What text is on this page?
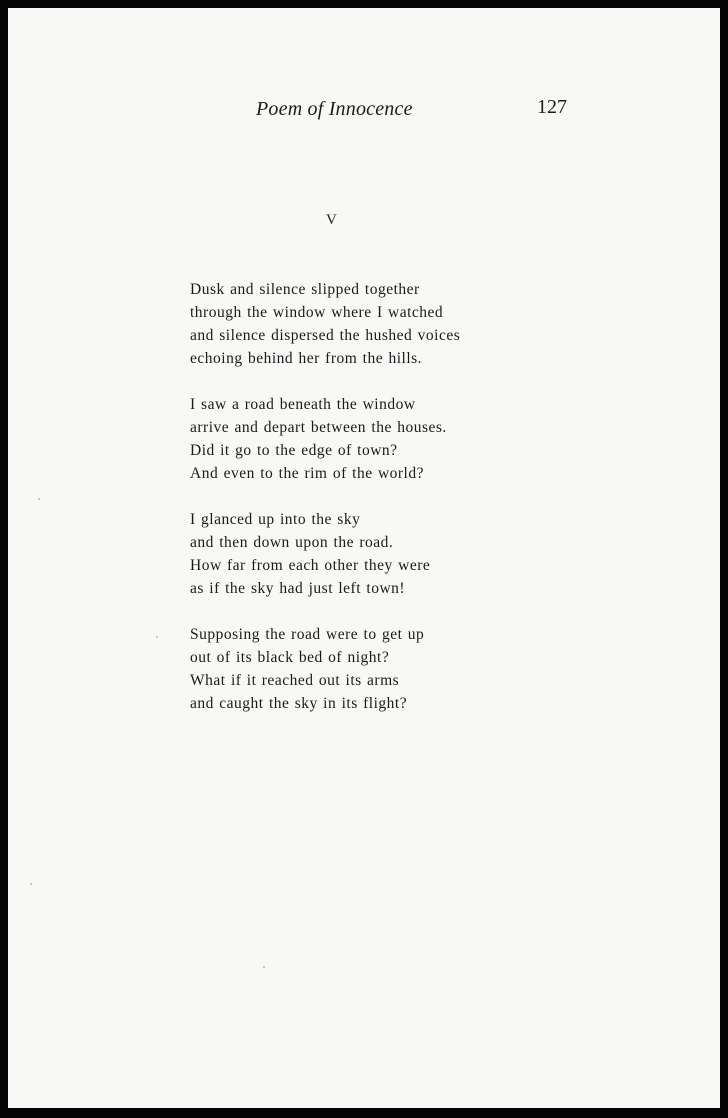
Poem of Innocence	127
V
Dusk and silence slipped together
through the window where I watched
and silence dispersed the hushed voices
echoing behind her from the hills.
I saw a road beneath the window
arrive and depart between the houses.
Did it go to the edge of town?
And even to the rim of the world?
I glanced up into the sky
and then down upon the road.
How far from each other they were
as if the sky had just left town!
Supposing the road were to get up
out of its black bed of night?
What if it reached out its arms
and caught the sky in its flight?
